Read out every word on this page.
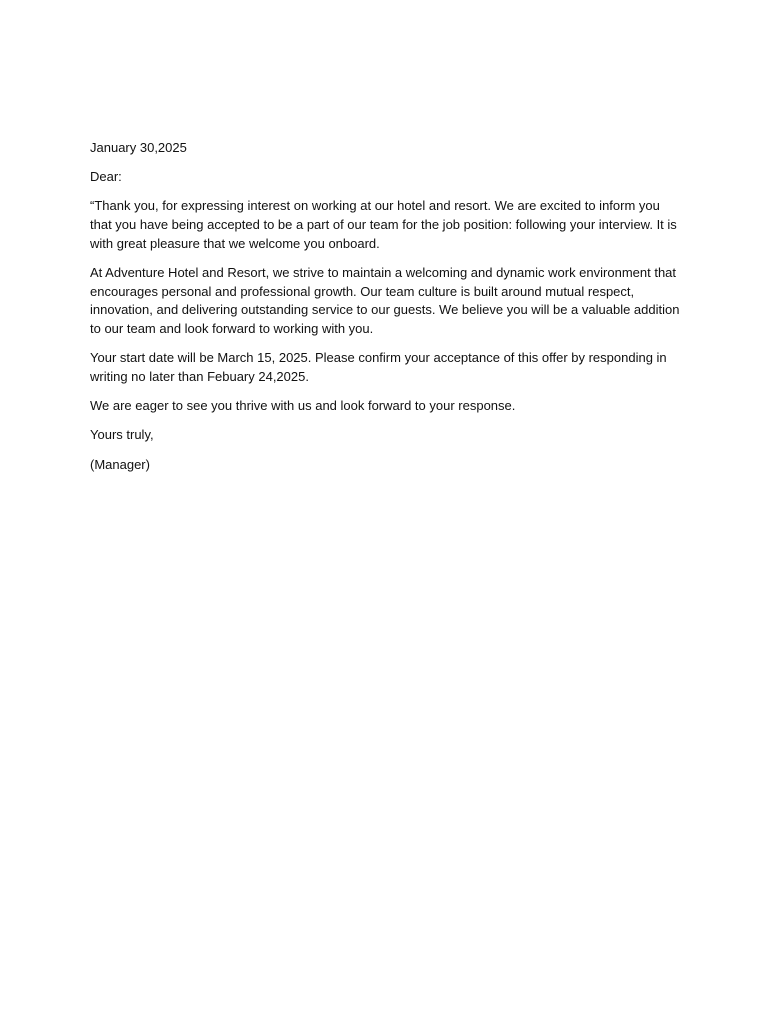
January 30,2025

Dear:

“Thank you, for expressing interest on working at our hotel and resort. We are excited to inform you that you have being accepted to be a part of our team for the job position: following your interview. It is with great pleasure that we welcome you onboard.

At Adventure Hotel and Resort, we strive to maintain a welcoming and dynamic work environment that encourages personal and professional growth. Our team culture is built around mutual respect, innovation, and delivering outstanding service to our guests. We believe you will be a valuable addition to our team and look forward to working with you.

Your start date will be March 15, 2025. Please confirm your acceptance of this offer by responding in writing no later than Febuary 24,2025.

We are eager to see you thrive with us and look forward to your response.

Yours truly,

(Manager)
